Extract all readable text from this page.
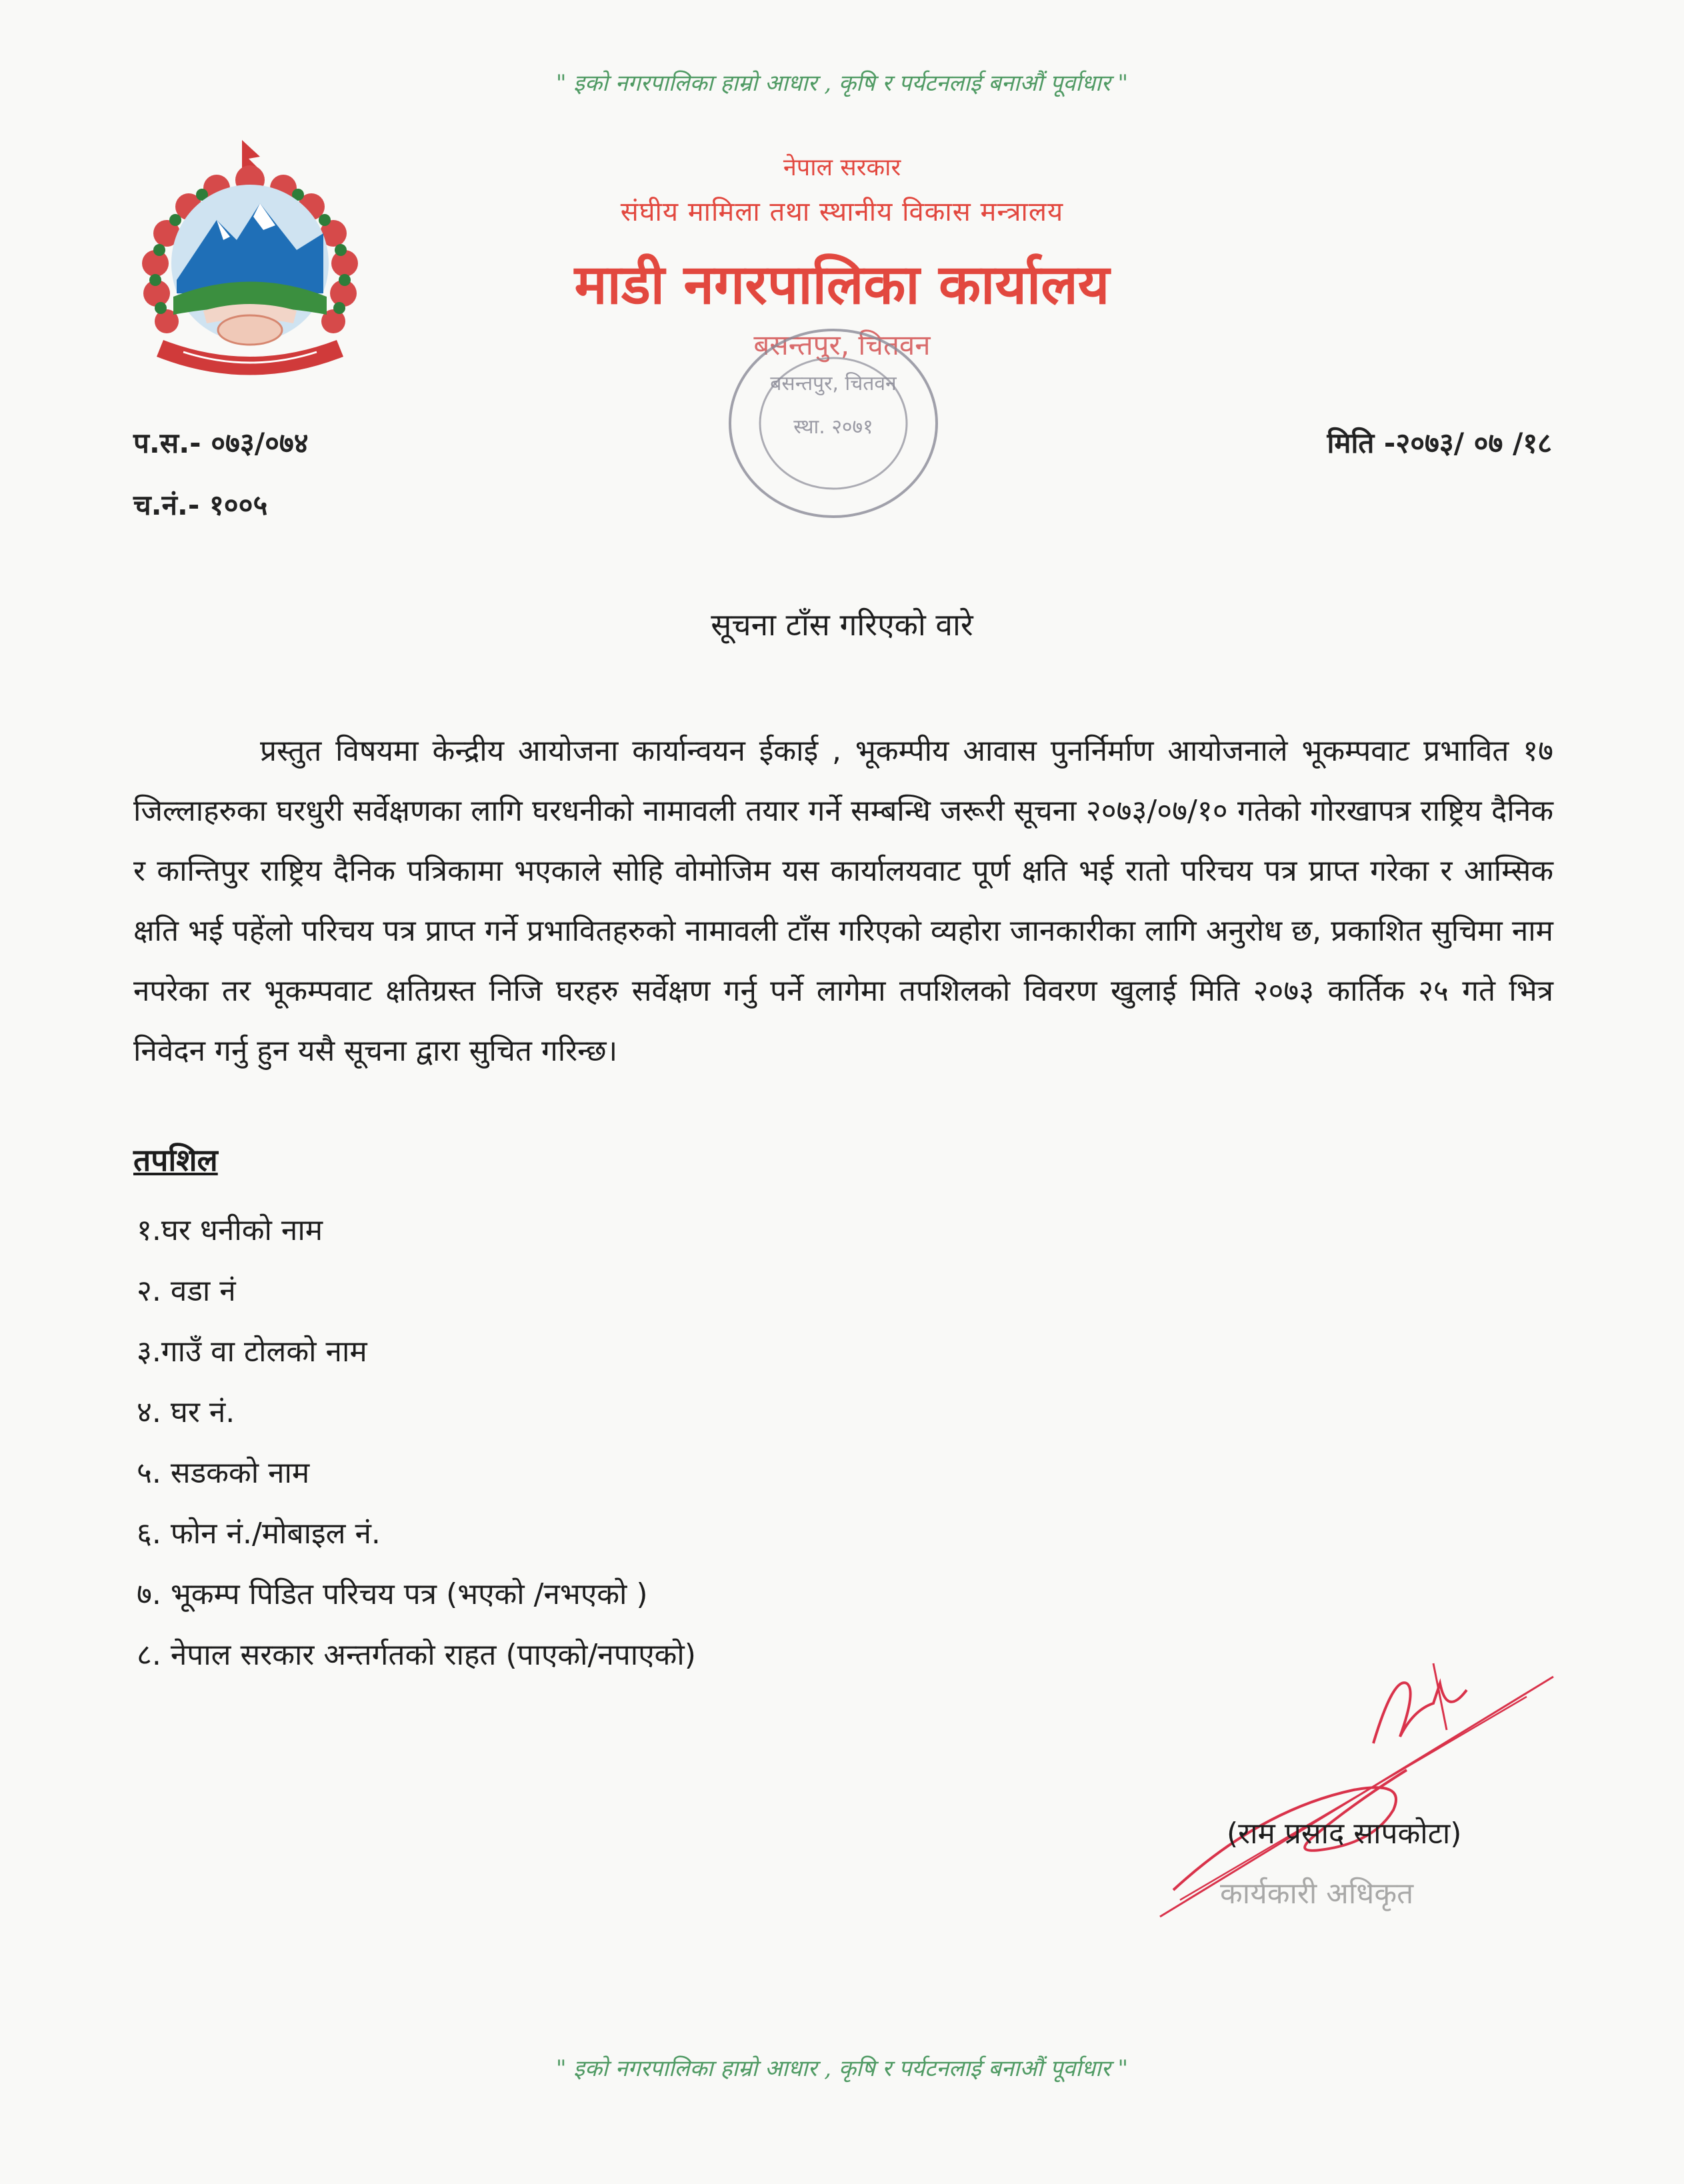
" इको नगरपालिका हाम्रो आधार , कृषि र पर्यटनलाई बनाऔं पूर्वाधार "
नेपाल सरकार
संघीय मामिला तथा स्थानीय विकास मन्त्रालय
माडी नगरपालिका कार्यालय
बसन्तपुर, चितवन
बसन्तपुर, चितवन
स्था. २०७१
प.स.- ०७३/०७४
च.नं.- १००५
मिति -२०७३/ ०७ /१८
सूचना टाँस गरिएको वारे
प्रस्तुत विषयमा केन्द्रीय आयोजना कार्यान्वयन ईकाई , भूकम्पीय आवास पुनर्निर्माण आयोजनाले भूकम्पवाट प्रभावित १७ जिल्लाहरुका घरधुरी सर्वेक्षणका लागि घरधनीको नामावली तयार गर्ने सम्बन्धि जरूरी सूचना २०७३/०७/१० गतेको गोरखापत्र राष्ट्रिय दैनिक र कान्तिपुर राष्ट्रिय दैनिक पत्रिकामा भएकाले सोहि वोमोजिम यस कार्यालयवाट पूर्ण क्षति भई रातो परिचय पत्र प्राप्त गरेका र आम्सिक क्षति भई पहेंलो परिचय पत्र प्राप्त गर्ने प्रभावितहरुको नामावली टाँस गरिएको व्यहोरा जानकारीका लागि अनुरोध छ, प्रकाशित सुचिमा नाम नपरेका तर भूकम्पवाट क्षतिग्रस्त निजि घरहरु सर्वेक्षण गर्नु पर्ने लागेमा तपशिलको विवरण खुलाई मिति २०७३ कार्तिक २५ गते भित्र निवेदन गर्नु हुन यसै सूचना द्वारा सुचित गरिन्छ।
तपशिल
१.घर धनीको नाम
२. वडा नं
३.गाउँ वा टोलको नाम
४. घर नं.
५. सडकको नाम
६. फोन नं./मोबाइल नं.
७. भूकम्प पिडित परिचय पत्र (भएको /नभएको )
८. नेपाल सरकार अन्तर्गतको राहत (पाएको/नपाएको)
(राम प्रसाद सापकोटा)
कार्यकारी अधिकृत
" इको नगरपालिका हाम्रो आधार , कृषि र पर्यटनलाई बनाऔं पूर्वाधार "
